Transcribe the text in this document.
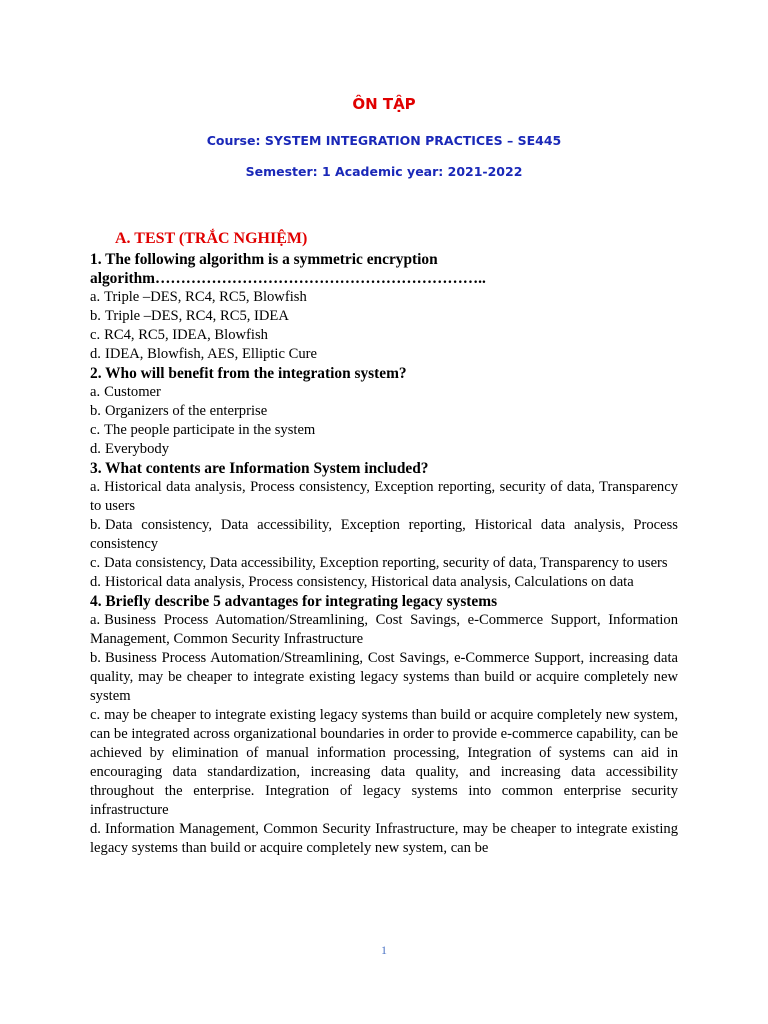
ÔN TẬP

Course: SYSTEM INTEGRATION PRACTICES – SE445

Semester: 1 Academic year: 2021-2022

A. TEST (TRẮC NGHIỆM)

1. The following algorithm is a symmetric encryption algorithm………………………………………………………..

a. Triple –DES, RC4, RC5, Blowfish

b. Triple –DES, RC4, RC5, IDEA

c. RC4, RC5, IDEA, Blowfish

d. IDEA, Blowfish, AES, Elliptic Cure

2. Who will benefit from the integration system?

a. Customer

b. Organizers of the enterprise

c. The people participate in the system

d. Everybody

3. What contents are Information System included?

a. Historical data analysis, Process consistency, Exception reporting, security of data, Transparency to users

b. Data consistency, Data accessibility, Exception reporting, Historical data analysis, Process consistency

c. Data consistency, Data accessibility, Exception reporting, security of data, Transparency to users

d. Historical data analysis, Process consistency, Historical data analysis, Calculations on data

4. Briefly describe 5 advantages for integrating legacy systems

a. Business Process Automation/Streamlining, Cost Savings, e-Commerce Support, Information Management, Common Security Infrastructure

b. Business Process Automation/Streamlining, Cost Savings, e-Commerce Support, increasing data quality, may be cheaper to integrate existing legacy systems than build or acquire completely new system

c. may be cheaper to integrate existing legacy systems than build or acquire completely new system, can be integrated across organizational boundaries in order to provide e-commerce capability, can be achieved by elimination of manual information processing, Integration of systems can aid in encouraging data standardization, increasing data quality, and increasing data accessibility throughout the enterprise. Integration of legacy systems into common enterprise security infrastructure

d. Information Management, Common Security Infrastructure, may be cheaper to integrate existing legacy systems than build or acquire completely new system, can be

1
